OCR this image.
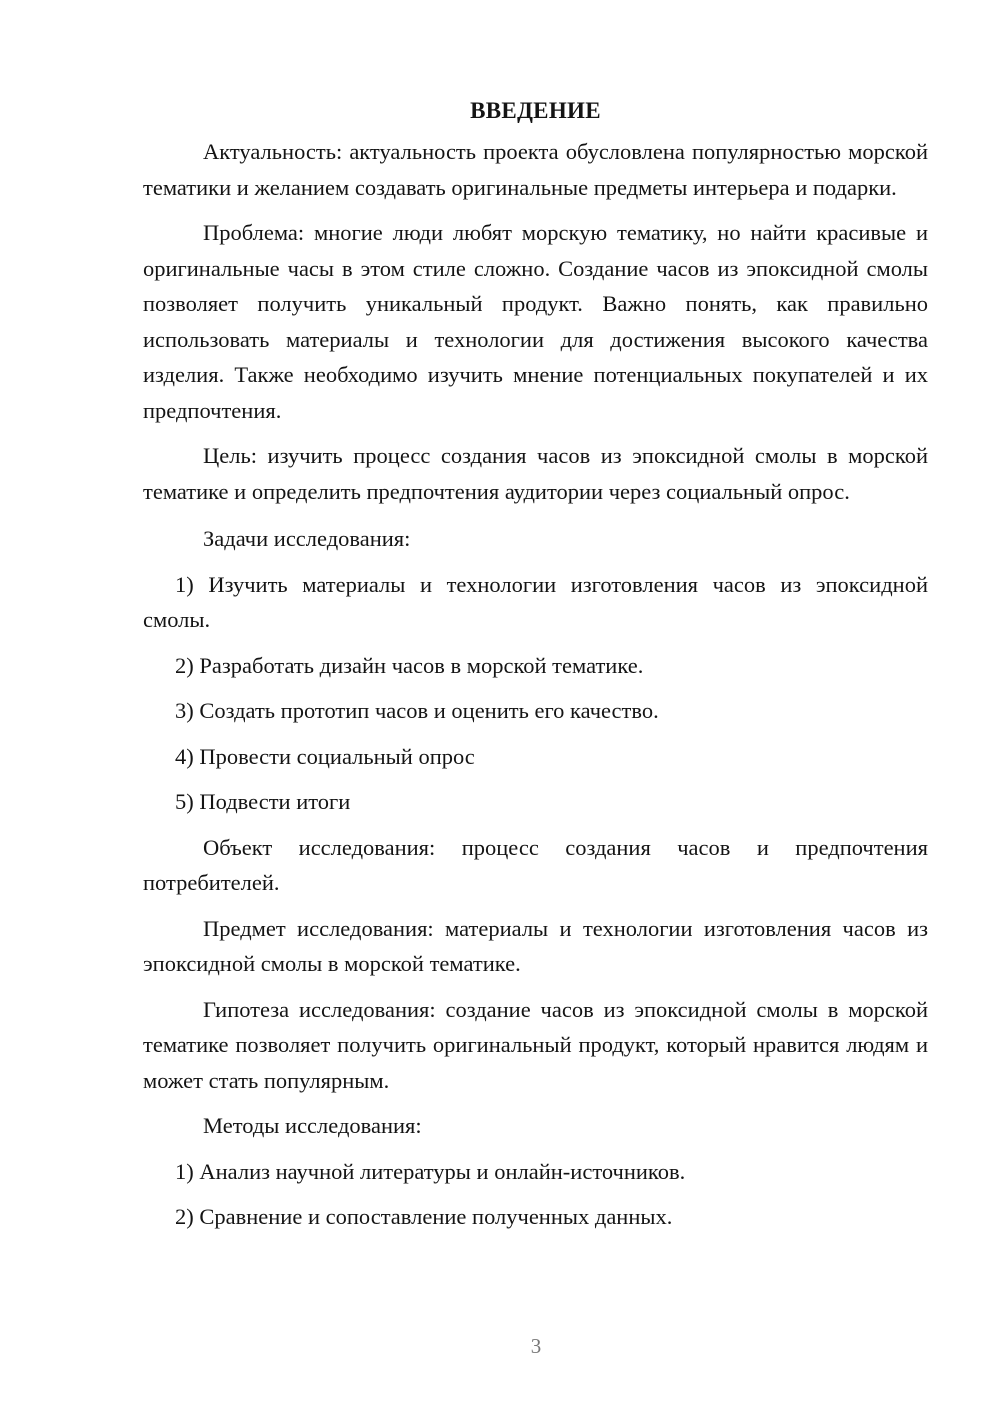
ВВЕДЕНИЕ

Актуальность: актуальность проекта обусловлена популярностью морской тематики и желанием создавать оригинальные предметы интерьера и подарки.

Проблема: многие люди любят морскую тематику, но найти красивые и оригинальные часы в этом стиле сложно. Создание часов из эпоксидной смолы позволяет получить уникальный продукт. Важно понять, как правильно использовать материалы и технологии для достижения высокого качества изделия. Также необходимо изучить мнение потенциальных покупателей и их предпочтения.

Цель: изучить процесс создания часов из эпоксидной смолы в морской тематике и определить предпочтения аудитории через социальный опрос.

Задачи исследования:

1) Изучить материалы и технологии изготовления часов из эпоксидной смолы.

2) Разработать дизайн часов в морской тематике.

3) Создать прототип часов и оценить его качество.

4) Провести социальный опрос

5) Подвести итоги

Объект исследования: процесс создания часов и предпочтения потребителей.

Предмет исследования: материалы и технологии изготовления часов из эпоксидной смолы в морской тематике.

Гипотеза исследования: создание часов из эпоксидной смолы в морской тематике позволяет получить оригинальный продукт, который нравится людям и может стать популярным.

Методы исследования:

1) Анализ научной литературы и онлайн-источников.

2) Сравнение и сопоставление полученных данных.

3
